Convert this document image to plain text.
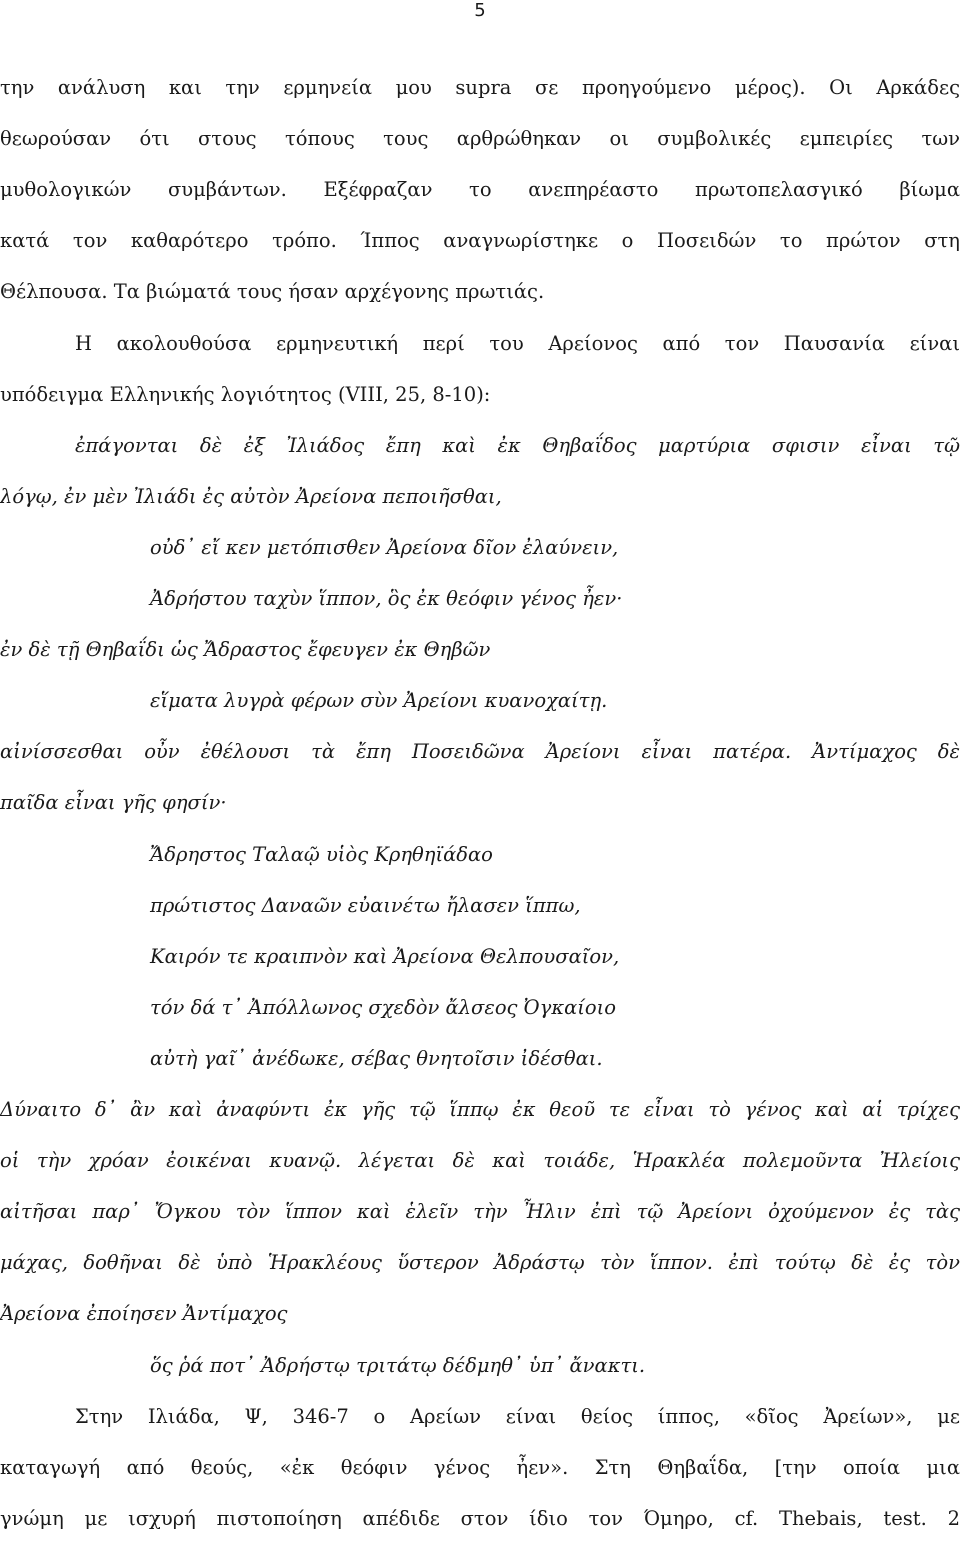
5
την ανάλυση και την ερμηνεία μου supra σε προηγούμενο μέρος). Οι Αρκάδες
θεωρούσαν ότι στους τόπους τους αρθρώθηκαν οι συμβολικές εμπειρίες των
μυθολογικών συμβάντων. Εξέφραζαν το ανεπηρέαστο πρωτοπελασγικό βίωμα
κατά τον καθαρότερο τρόπο. Ίππος αναγνωρίστηκε ο Ποσειδών το πρώτον στη
Θέλπουσα. Τα βιώματά τους ήσαν αρχέγονης πρωτιάς.
Η ακολουθούσα ερμηνευτική περί του Αρείονος από τον Παυσανία είναι
υπόδειγμα Ελληνικής λογιότητος (VIII, 25, 8-10):
ἐπάγονται δὲ ἐξ Ἰλιάδος ἔπη καὶ ἐκ Θηβαΐδος μαρτύρια σφισιν εἶναι τῷ
λόγῳ, ἐν μὲν Ἰλιάδι ἐς αὐτὸν Ἀρείονα πεποιῆσθαι,
οὐδ᾽ εἴ κεν μετόπισθεν Ἀρείονα δῖον ἐλαύνειν,
Ἀδρήστου ταχὺν ἵππον, ὃς ἐκ θεόφιν γένος ἦεν·
ἐν δὲ τῇ Θηβαΐδι ὡς Ἄδραστος ἔφευγεν ἐκ Θηβῶν
εἵματα λυγρὰ φέρων σὺν Ἀρείονι κυανοχαίτῃ.
αἰνίσσεσθαι οὖν ἐθέλουσι τὰ ἔπη Ποσειδῶνα Ἀρείονι εἶναι πατέρα. Ἀντίμαχος δὲ
παῖδα εἶναι γῆς φησίν·
Ἄδρηστος Ταλαῷ υἱὸς Κρηθηϊάδαο
πρώτιστος Δαναῶν εὐαινέτω ἤλασεν ἵππω,
Καιρόν τε κραιπνὸν καὶ Ἀρείονα Θελπουσαῖον,
τόν δά τ᾽ Ἀπόλλωνος σχεδὸν ἄλσεος Ὀγκαίοιο
αὐτὴ γαῖ᾽ ἀνέδωκε, σέβας θνητοῖσιν ἰδέσθαι.
Δύναιτο δ᾽ ἂν καὶ ἀναφύντι ἐκ γῆς τῷ ἵππῳ ἐκ θεοῦ τε εἶναι τὸ γένος καὶ αἱ τρίχες
οἱ τὴν χρόαν ἐοικέναι κυανῷ. λέγεται δὲ καὶ τοιάδε, Ἡρακλέα πολεμοῦντα Ἠλείοις
αἰτῆσαι παρ᾽ Ὄγκου τὸν ἵππον καὶ ἑλεῖν τὴν Ἦλιν ἐπὶ τῷ Ἀρείονι ὀχούμενον ἐς τὰς
μάχας, δοθῆναι δὲ ὑπὸ Ἡρακλέους ὕστερον Ἀδράστῳ τὸν ἵππον. ἐπὶ τούτῳ δὲ ἐς τὸν
Ἀρείονα ἐποίησεν Ἀντίμαχος
ὅς ῥά ποτ᾽ Ἀδρήστῳ τριτάτῳ δέδμηθ᾽ ὑπ᾽ ἄνακτι.
Στην Ιλιάδα, Ψ, 346-7 ο Αρείων είναι θείος ίππος, «δῖος Ἀρείων», με
καταγωγή από θεούς, «ἐκ θεόφιν γένος ἦεν». Στη Θηβαΐδα, [την οποία μια
γνώμη με ισχυρή πιστοποίηση απέδιδε στον ίδιο τον Όμηρο, cf. Thebais, test. 2
